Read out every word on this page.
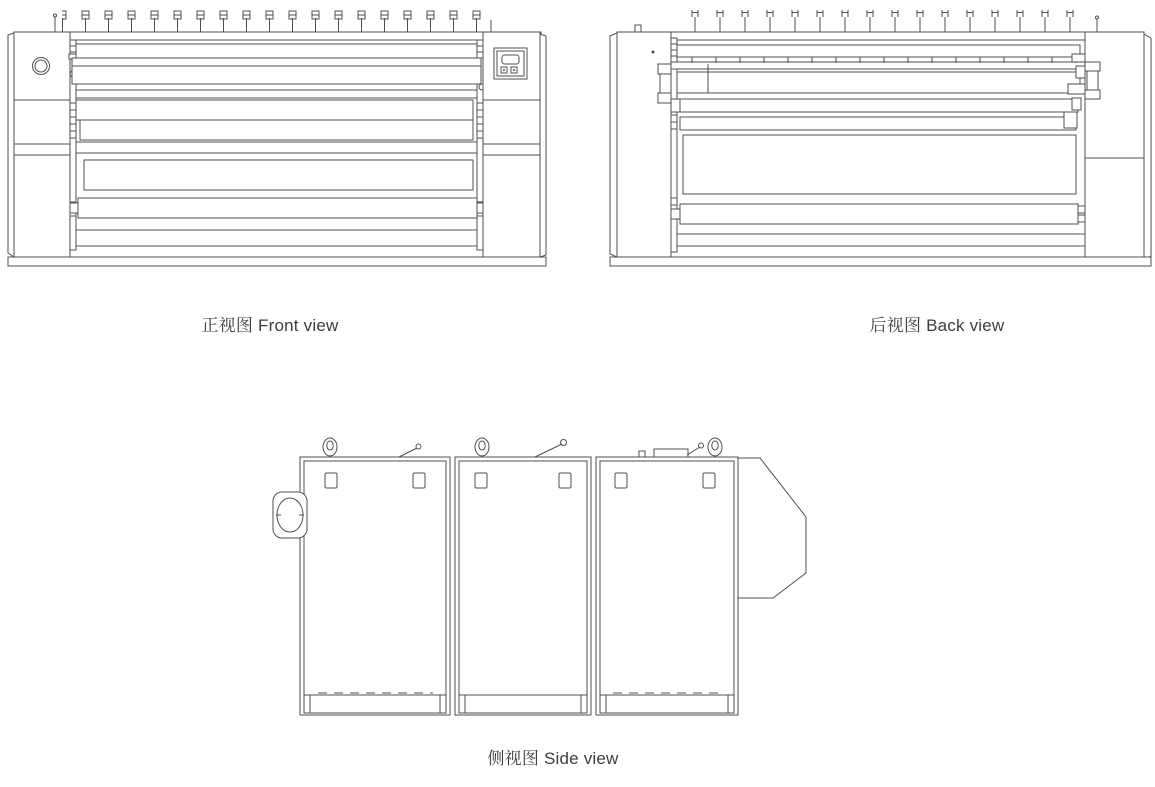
正视图 Front view	后视图 Back view
侧视图 Side view
